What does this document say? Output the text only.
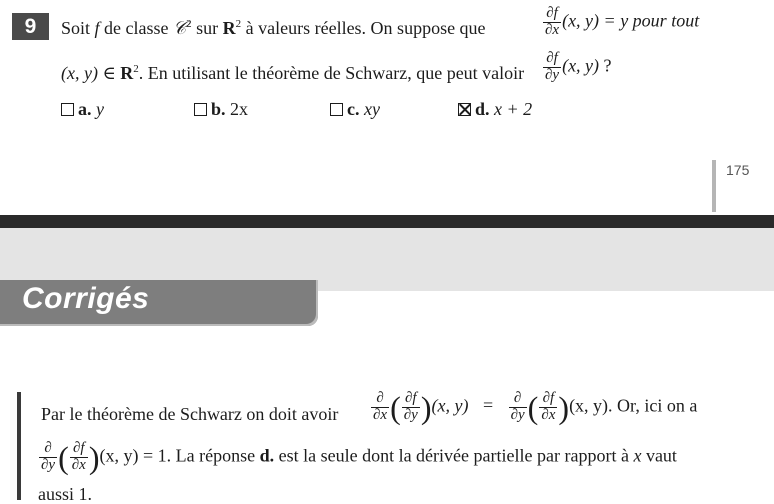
9	Soit f de classe 𝒞$^2$ sur $R^2$ à valeurs réelles. On suppose que	$\frac{\partial f}{\partial x} (x$, y) = y pour tout
(x, y) ∈ $R^2$. En utilisant le théorème de Schwarz, que peut valoir $\frac{\partial f}{\partial y} (x$, y) ?
a. y	b. 2x	c. xy	d. x + 2
175
Corrigés
Par le théorème de Schwarz on doit avoir $\frac{\partial}{\partial x}$ ( $\frac{\partial f}{\partial y} )(x$, $y) = \frac{\partial}{\partial y}$ ( $\frac{\partial f}{\partial x} )(x$, y). Or, ici on a
$\frac{\partial}{\partial y}$ ( $\frac{\partial f}{\partial x} )(x$, y) = 1. La réponse d. est la seule dont la dérivée partielle par rapport à x vaut
aussi 1.
